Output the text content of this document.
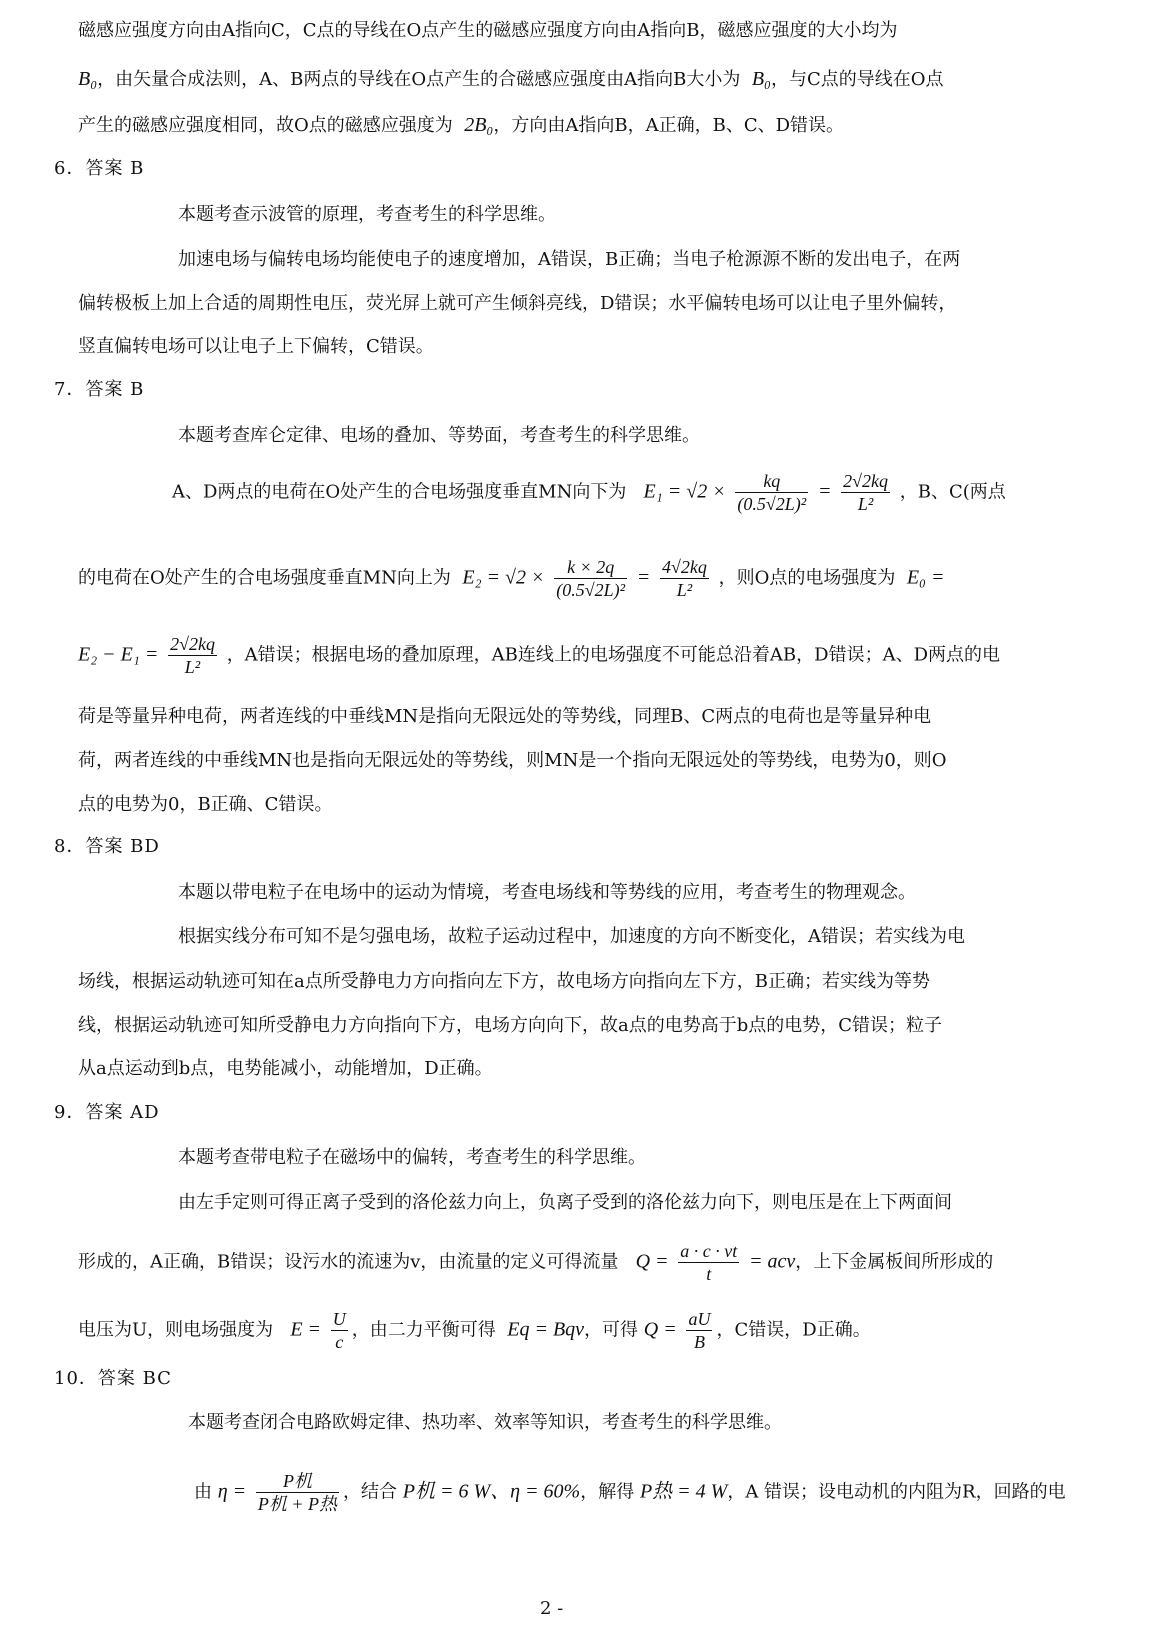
磁感应强度方向由A指向C，C点的导线在O点产生的磁感应强度方向由A指向B，磁感应强度的大小均为
B₀，由矢量合成法则，A、B两点的导线在O点产生的合磁感应强度由A指向B大小为 B₀，与C点的导线在O点
产生的磁感应强度相同，故O点的磁感应强度为 2B₀，方向由A指向B，A正确，B、C、D错误。
6．答案 B
本题考查示波管的原理，考查考生的科学思维。
加速电场与偏转电场均能使电子的速度增加，A错误，B正确；当电子枪源源不断的发出电子，在两
偏转极板上加上合适的周期性电压，荧光屏上就可产生倾斜亮线，D错误；水平偏转电场可以让电子里外偏转，
竖直偏转电场可以让电子上下偏转，C错误。
7．答案 B
本题考查库仑定律、电场的叠加、等势面，考查考生的科学思维。
A、D两点的电荷在O处产生的合电场强度垂直MN向下为 $E_1 = √2 \times \frac{kq}{\text{(0.5√2L)²}} = \frac{2√2kq}{\text{L²}}$ ，B、C(两点
的电荷在O处产生的合电场强度垂直MN向上为 $E_2 = √2 \times \frac{k \times 2q}{\text{(0.5√2L)²}} = \frac{4√2kq}{\text{L²}}$ ，则O点的电场强度为 E₀ =
$E_2 - E_1 = \frac{2√2kq}{\text{L²}}$ ，A错误；根据电场的叠加原理，AB连线上的电场强度不可能总沿着AB，D错误；A、D两点的电
荷是等量异种电荷，两者连线的中垂线MN是指向无限远处的等势线，同理B、C两点的电荷也是等量异种电
荷，两者连线的中垂线MN也是指向无限远处的等势线，则MN是一个指向无限远处的等势线，电势为0，则O
点的电势为0，B正确、C错误。
8．答案 BD
本题以带电粒子在电场中的运动为情境，考查电场线和等势线的应用，考查考生的物理观念。
根据实线分布可知不是匀强电场，故粒子运动过程中，加速度的方向不断变化，A错误；若实线为电
场线，根据运动轨迹可知在a点所受静电力方向指向左下方，故电场方向指向左下方，B正确；若实线为等势
线，根据运动轨迹可知所受静电力方向指向下方，电场方向向下，故a点的电势高于b点的电势，C错误；粒子
从a点运动到b点，电势能减小，动能增加，D正确。
9．答案 AD
本题考查带电粒子在磁场中的偏转，考查考生的科学思维。
由左手定则可得正离子受到的洛伦兹力向上，负离子受到的洛伦兹力向下，则电压是在上下两面间
形成的，A正确，B错误；设污水的流速为v，由流量的定义可得流量 $Q = \frac{a \cdot c \cdot vt}{t}$ = acv，上下金属板间所形成的
电压为U，则电场强度为 $E = \frac{U}{c}$ ，由二力平衡可得 Eq = Bqv，可得 $Q = \frac{aU}{B}$ ，C错误，D正确。
10．答案 BC
本题考查闭合电路欧姆定律、热功率、效率等知识，考查考生的科学思维。
由 $\eta = \frac{\text{P机}}{\text{P机 + P热}}$ ，结合 P机 = 6 W、η = 60%，解得 P热 = 4 W，A 错误；设电动机的内阻为R，回路的电
2 -
